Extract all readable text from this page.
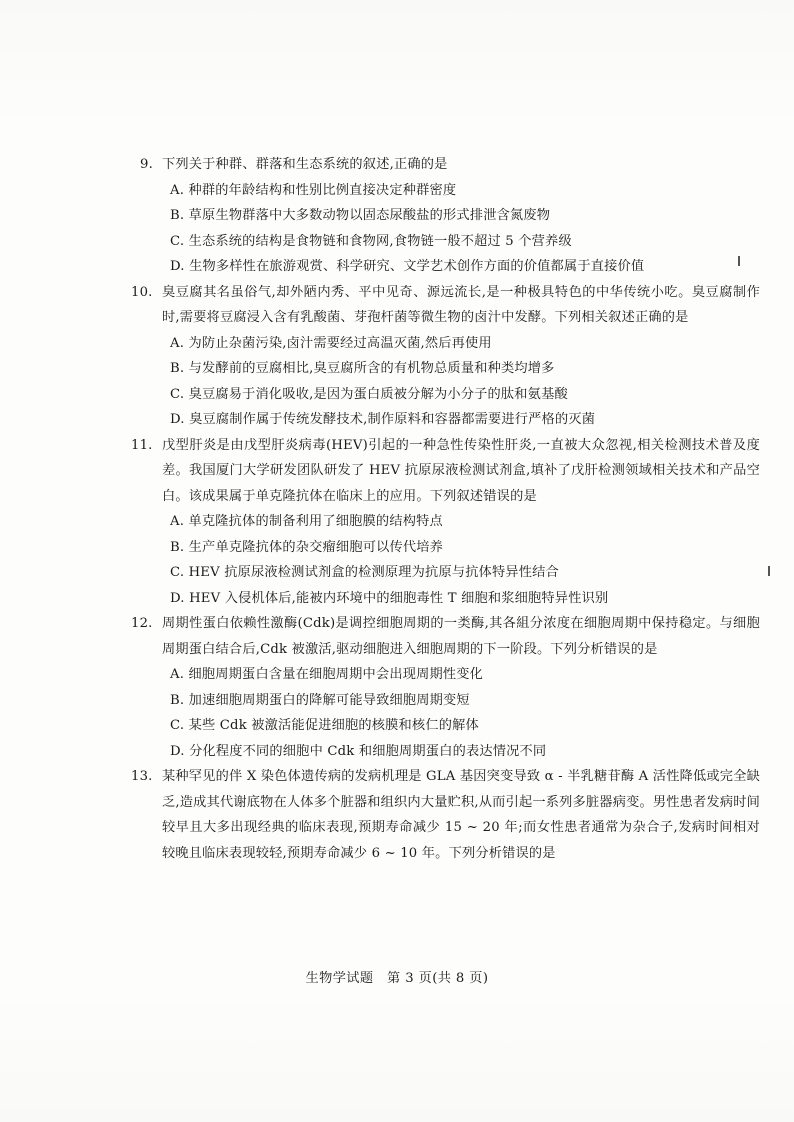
9. 下列关于种群、群落和生态系统的叙述,正确的是

A. 种群的年龄结构和性别比例直接决定种群密度

B. 草原生物群落中大多数动物以固态尿酸盐的形式排泄含氮废物

C. 生态系统的结构是食物链和食物网,食物链一般不超过 5 个营养级

D. 生物多样性在旅游观赏、科学研究、文学艺术创作方面的价值都属于直接价值

10. 臭豆腐其名虽俗气,却外陋内秀、平中见奇、源远流长,是一种极具特色的中华传统小吃。臭豆腐制作时,需要将豆腐浸入含有乳酸菌、芽孢杆菌等微生物的卤汁中发酵。下列相关叙述正确的是

A. 为防止杂菌污染,卤汁需要经过高温灭菌,然后再使用

B. 与发酵前的豆腐相比,臭豆腐所含的有机物总质量和种类均增多

C. 臭豆腐易于消化吸收,是因为蛋白质被分解为小分子的肽和氨基酸

D. 臭豆腐制作属于传统发酵技术,制作原料和容器都需要进行严格的灭菌

11. 戊型肝炎是由戊型肝炎病毒(HEV)引起的一种急性传染性肝炎,一直被大众忽视,相关检测技术普及度差。我国厦门大学研发团队研发了 HEV 抗原尿液检测试剂盒,填补了戊肝检测领域相关技术和产品空白。该成果属于单克隆抗体在临床上的应用。下列叙述错误的是

A. 单克隆抗体的制备利用了细胞膜的结构特点

B. 生产单克隆抗体的杂交瘤细胞可以传代培养

C. HEV 抗原尿液检测试剂盒的检测原理为抗原与抗体特异性结合

D. HEV 入侵机体后,能被内环境中的细胞毒性 T 细胞和浆细胞特异性识别

12. 周期性蛋白依赖性激酶(Cdk)是调控细胞周期的一类酶,其各組分浓度在细胞周期中保持稳定。与细胞周期蛋白结合后,Cdk 被激活,驱动细胞进入细胞周期的下一阶段。下列分析错误的是

A. 细胞周期蛋白含量在细胞周期中会出现周期性变化

B. 加速细胞周期蛋白的降解可能导致细胞周期变短

C. 某些 Cdk 被激活能促进细胞的核膜和核仁的解体

D. 分化程度不同的细胞中 Cdk 和细胞周期蛋白的表达情况不同

13. 某种罕见的伴 X 染色体遗传病的发病机理是 GLA 基因突变导致 α - 半乳糖苷酶 A 活性降低或完全缺乏,造成其代谢底物在人体多个脏器和组织内大量贮积,从而引起一系列多脏器病变。男性患者发病时间较早且大多出现经典的临床表现,预期寿命减少 15 ~ 20 年;而女性患者通常为杂合子,发病时间相对较晚且临床表现较轻,预期寿命减少 6 ~ 10 年。下列分析错误的是

生物学试题　第 3 页(共 8 页)
